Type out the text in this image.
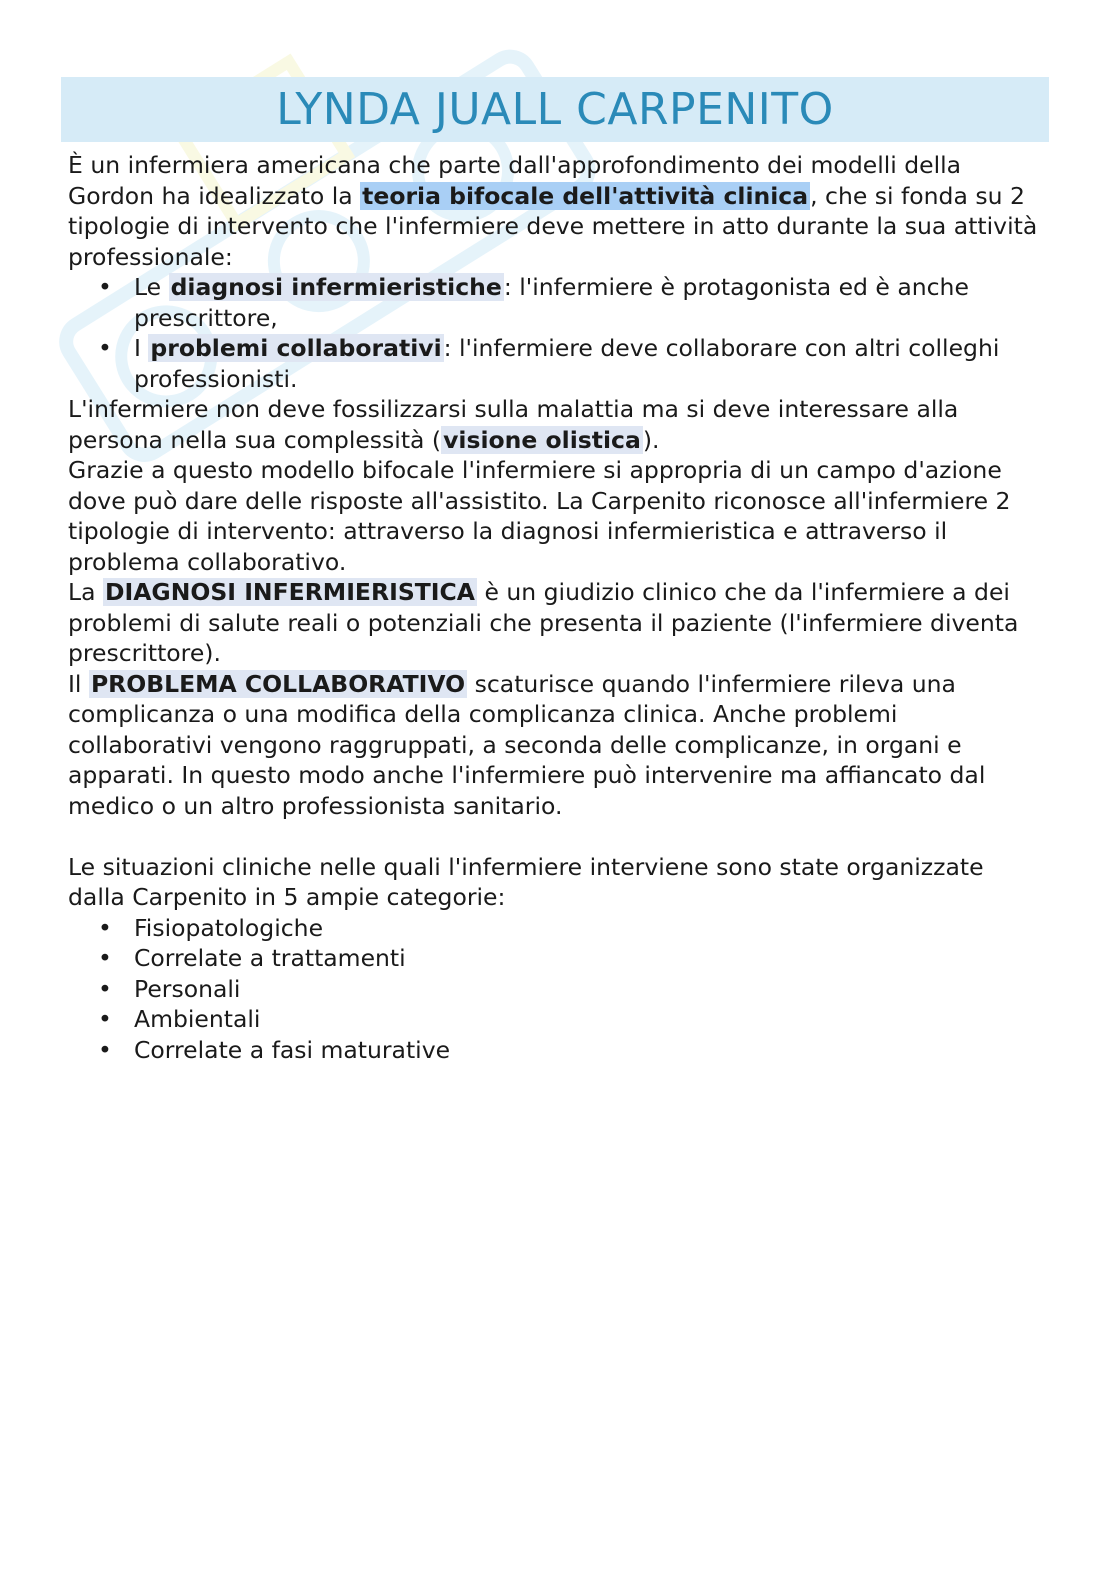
LYNDA JUALL CARPENITO

È un infermiera americana che parte dall'approfondimento dei modelli della Gordon ha idealizzato la teoria bifocale dell'attività clinica, che si fonda su 2 tipologie di intervento che l'infermiere deve mettere in atto durante la sua attività professionale:

• Le diagnosi infermieristiche: l'infermiere è protagonista ed è anche prescrittore,
• I problemi collaborativi: l'infermiere deve collaborare con altri colleghi professionisti.

L'infermiere non deve fossilizzarsi sulla malattia ma si deve interessare alla persona nella sua complessità (visione olistica).

Grazie a questo modello bifocale l'infermiere si appropria di un campo d'azione dove può dare delle risposte all'assistito. La Carpenito riconosce all'infermiere 2 tipologie di intervento: attraverso la diagnosi infermieristica e attraverso il problema collaborativo.

La DIAGNOSI INFERMIERISTICA è un giudizio clinico che da l'infermiere a dei problemi di salute reali o potenziali che presenta il paziente (l'infermiere diventa prescrittore).

Il PROBLEMA COLLABORATIVO scaturisce quando l'infermiere rileva una complicanza o una modifica della complicanza clinica. Anche problemi collaborativi vengono raggruppati, a seconda delle complicanze, in organi e apparati. In questo modo anche l'infermiere può intervenire ma affiancato dal medico o un altro professionista sanitario.

Le situazioni cliniche nelle quali l'infermiere interviene sono state organizzate dalla Carpenito in 5 ampie categorie:

• Fisiopatologiche
• Correlate a trattamenti
• Personali
• Ambientali
• Correlate a fasi maturative
